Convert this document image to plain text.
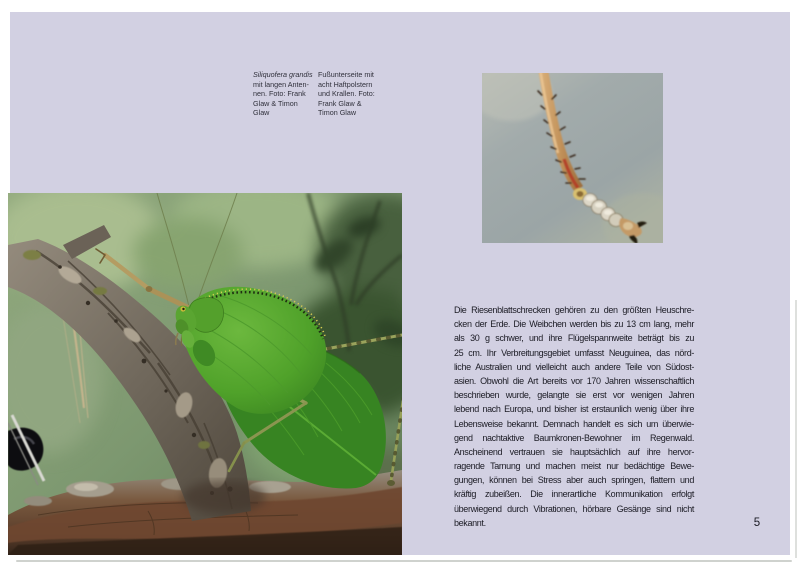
Siliquofera grandis
mit langen Anten-
nen. Foto: Frank
Glaw & Timon
Glaw
Fußunterseite mit
acht Haftpolstern
und Krallen. Foto:
Frank Glaw &
Timon Glaw
Die Riesenblattschrecken gehören zu den größten Heuschre-
cken der Erde. Die Weibchen werden bis zu 13 cm lang, mehr
als 30 g schwer, und ihre Flügelspannweite beträgt bis zu
25 cm. Ihr Verbreitungsgebiet umfasst Neuguinea, das nörd-
liche Australien und vielleicht auch andere Teile von Südost-
asien. Obwohl die Art bereits vor 170 Jahren wissenschaftlich
beschrieben wurde, gelangte sie erst vor wenigen Jahren
lebend nach Europa, und bisher ist erstaunlich wenig über ihre
Lebensweise bekannt. Demnach handelt es sich um überwie-
gend nachtaktive Baumkronen-Bewohner im Regenwald.
Anscheinend vertrauen sie hauptsächlich auf ihre hervor-
ragende Tarnung und machen meist nur bedächtige Bewe-
gungen, können bei Stress aber auch springen, flattern und
kräftig zubeißen. Die innerartliche Kommunikation erfolgt
überwiegend durch Vibrationen, hörbare Gesänge sind nicht
bekannt.	5
